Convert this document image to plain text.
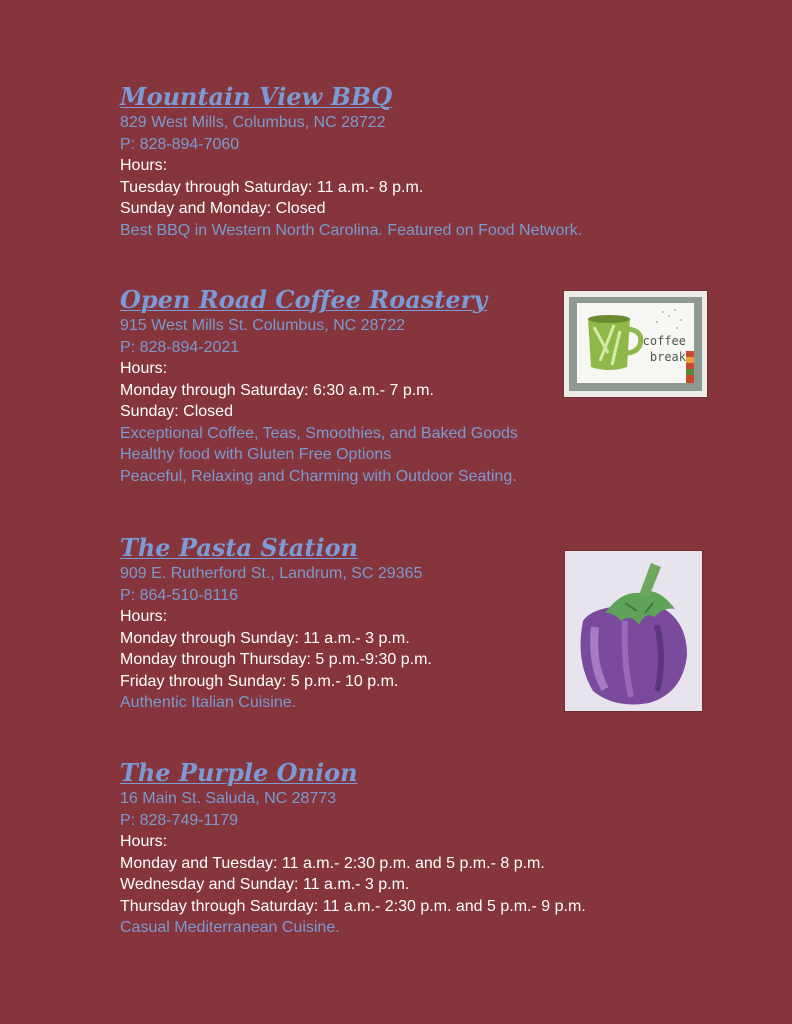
Mountain View BBQ
829 West Mills, Columbus, NC 28722
P: 828-894-7060
Hours:
Tuesday through Saturday: 11 a.m.- 8 p.m.
Sunday and Monday: Closed
Best BBQ in Western North Carolina. Featured on Food Network.
Open Road Coffee Roastery
915 West Mills St. Columbus, NC 28722
P: 828-894-2021
Hours:
Monday through Saturday: 6:30 a.m.- 7 p.m.
Sunday: Closed
Exceptional Coffee, Teas, Smoothies, and Baked Goods
Healthy food with Gluten Free Options
Peaceful, Relaxing and Charming with Outdoor Seating.
coffee
break
The Pasta Station
909 E. Rutherford St., Landrum, SC 29365
P: 864-510-8116
Hours:
Monday through Sunday: 11 a.m.- 3 p.m.
Monday through Thursday: 5 p.m.-9:30 p.m.
Friday through Sunday: 5 p.m.- 10 p.m.
Authentic Italian Cuisine.
The Purple Onion
16 Main St. Saluda, NC 28773
P: 828-749-1179
Hours:
Monday and Tuesday: 11 a.m.- 2:30 p.m. and 5 p.m.- 8 p.m.
Wednesday and Sunday: 11 a.m.- 3 p.m.
Thursday through Saturday: 11 a.m.- 2:30 p.m. and 5 p.m.- 9 p.m.
Casual Mediterranean Cuisine.
